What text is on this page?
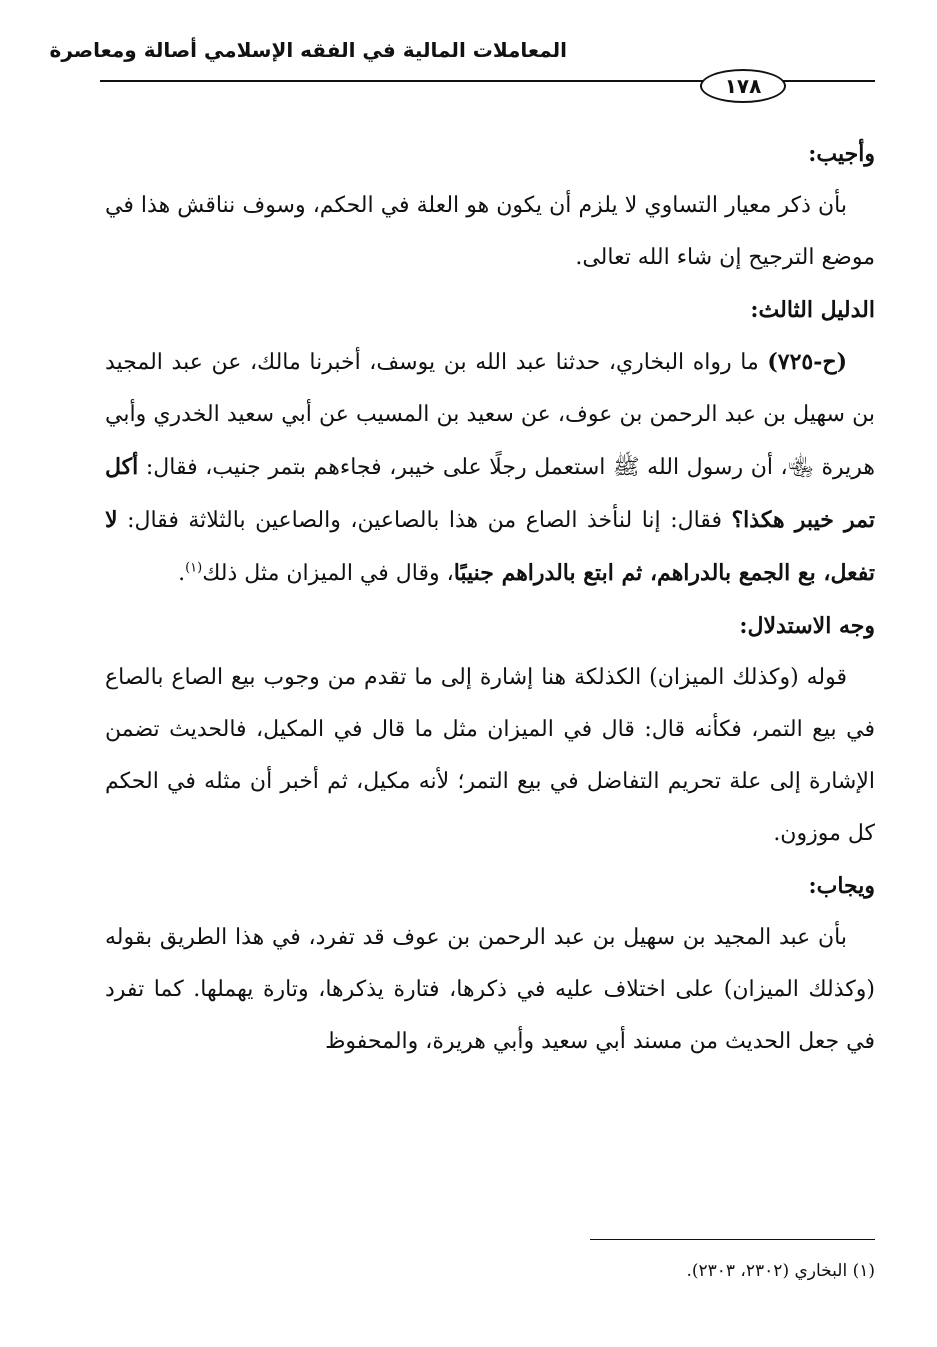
المعاملات المالية في الفقه الإسلامي أصالة ومعاصرة
١٧٨

وأجيب:

بأن ذكر معيار التساوي لا يلزم أن يكون هو العلة في الحكم، وسوف نناقش هذا في موضع الترجيح إن شاء الله تعالى.

الدليل الثالث:

(ح-٧٢٥) ما رواه البخاري، حدثنا عبد الله بن يوسف، أخبرنا مالك، عن عبد المجيد بن سهيل بن عبد الرحمن بن عوف، عن سعيد بن المسيب عن أبي سعيد الخدري وأبي هريرة ﵄، أن رسول الله ﷺ استعمل رجلًا على خيبر، فجاءهم بتمر جنيب، فقال: أكل تمر خيبر هكذا؟ فقال: إنا لنأخذ الصاع من هذا بالصاعين، والصاعين بالثلاثة فقال: لا تفعل، بع الجمع بالدراهم، ثم ابتع بالدراهم جنيبًا، وقال في الميزان مثل ذلك$^{(١)}$.

وجه الاستدلال:

قوله (وكذلك الميزان) الكذلكة هنا إشارة إلى ما تقدم من وجوب بيع الصاع بالصاع في بيع التمر، فكأنه قال: قال في الميزان مثل ما قال في المكيل، فالحديث تضمن الإشارة إلى علة تحريم التفاضل في بيع التمر؛ لأنه مكيل، ثم أخبر أن مثله في الحكم كل موزون.

ويجاب:

بأن عبد المجيد بن سهيل بن عبد الرحمن بن عوف قد تفرد، في هذا الطريق بقوله (وكذلك الميزان) على اختلاف عليه في ذكرها، فتارة يذكرها، وتارة يهملها. كما تفرد في جعل الحديث من مسند أبي سعيد وأبي هريرة، والمحفوظ

(١) البخاري (٢٣٠٢، ٢٣٠٣).
